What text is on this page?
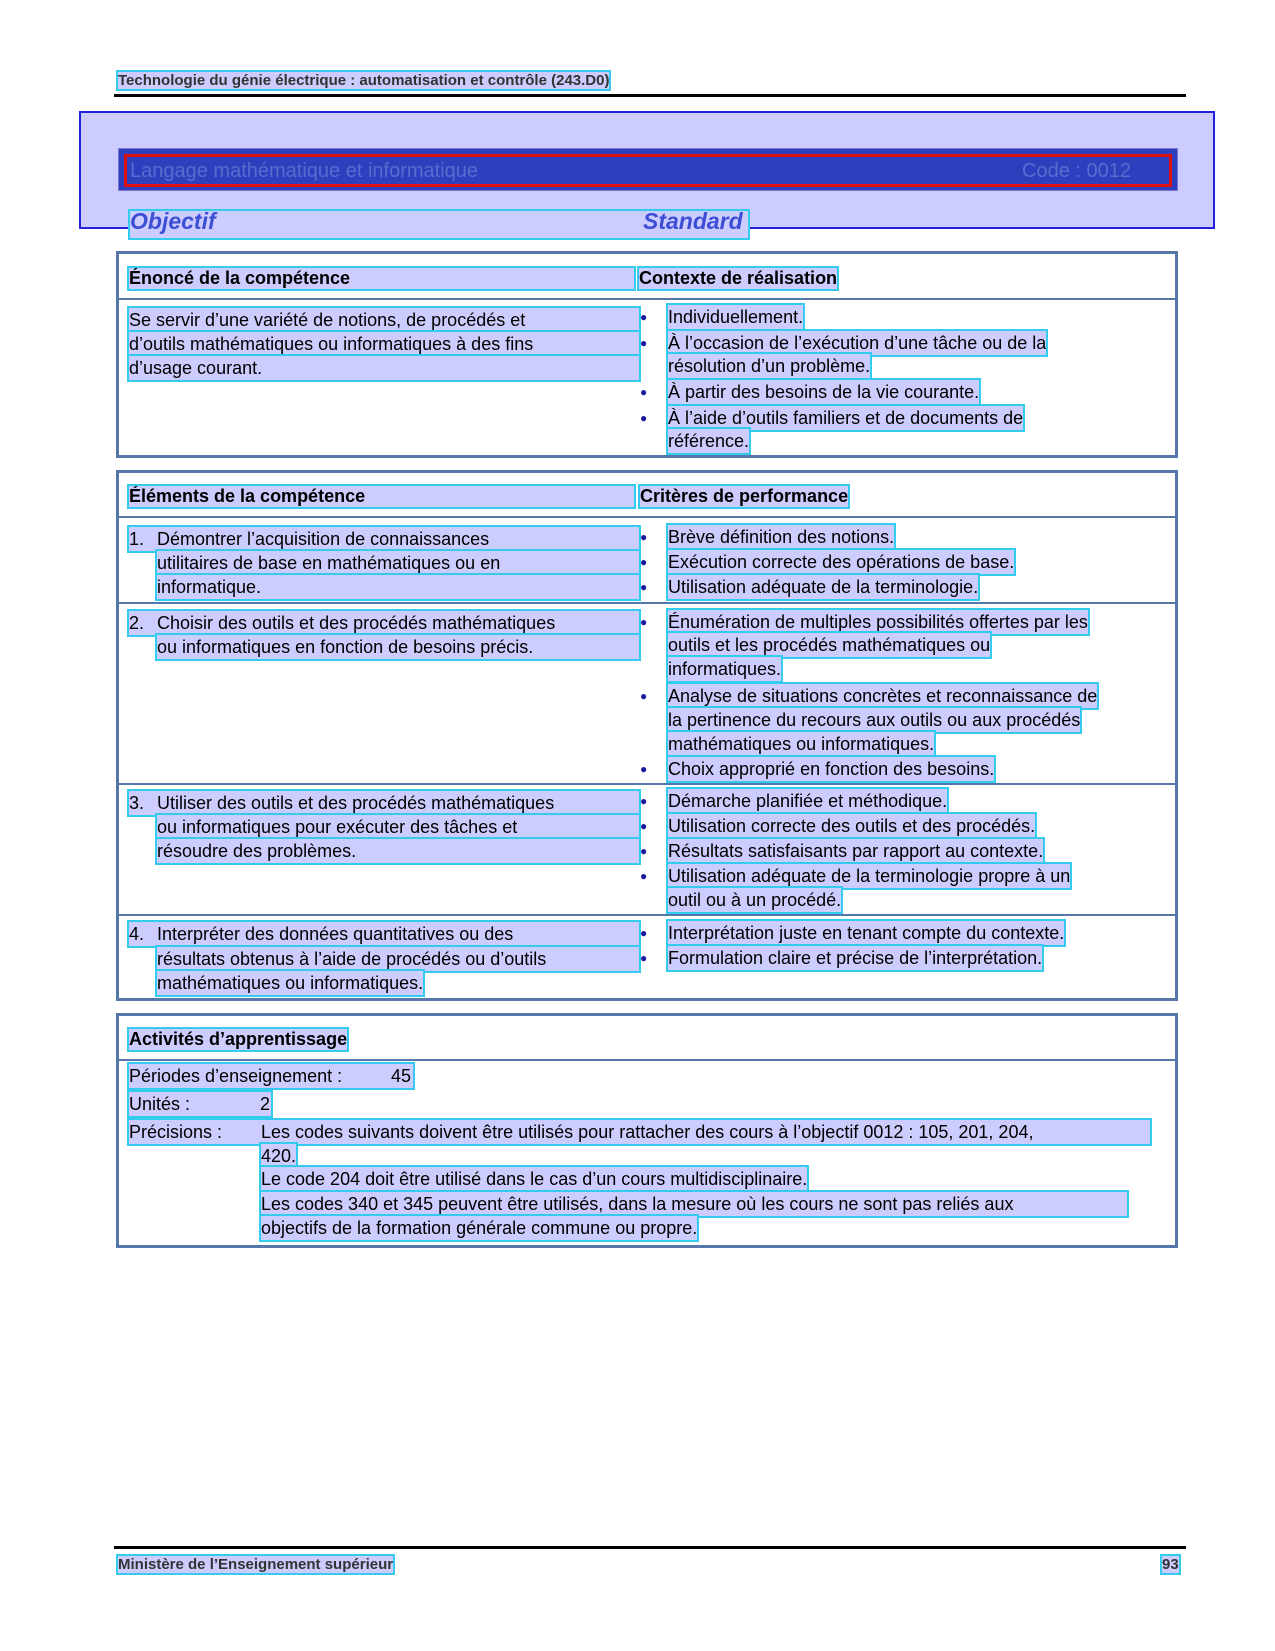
Technologie du génie électrique : automatisation et contrôle (243.D0)
Langage mathématique et informatique	Code : 0012
Objectif	Standard
Énoncé de la compétence	Contexte de réalisation
Se servir d’une variété de notions, de procédés et
d’outils mathématiques ou informatiques à des fins
d’usage courant.
● Individuellement.
● À l’occasion de l’exécution d’une tâche ou de la
résolution d’un problème.
● À partir des besoins de la vie courante.
● À l’aide d’outils familiers et de documents de
référence.
Éléments de la compétence	Critères de performance
1. Démontrer l’acquisition de connaissances
utilitaires de base en mathématiques ou en
informatique.
● Brève définition des notions.
● Exécution correcte des opérations de base.
● Utilisation adéquate de la terminologie.
2. Choisir des outils et des procédés mathématiques
ou informatiques en fonction de besoins précis.
● Énumération de multiples possibilités offertes par les
outils et les procédés mathématiques ou
informatiques.
● Analyse de situations concrètes et reconnaissance de
la pertinence du recours aux outils ou aux procédés
mathématiques ou informatiques.
● Choix approprié en fonction des besoins.
3. Utiliser des outils et des procédés mathématiques
ou informatiques pour exécuter des tâches et
résoudre des problèmes.
● Démarche planifiée et méthodique.
● Utilisation correcte des outils et des procédés.
● Résultats satisfaisants par rapport au contexte.
● Utilisation adéquate de la terminologie propre à un
outil ou à un procédé.
4. Interpréter des données quantitatives ou des
résultats obtenus à l’aide de procédés ou d’outils
mathématiques ou informatiques.
● Interprétation juste en tenant compte du contexte.
● Formulation claire et précise de l’interprétation.
Activités d’apprentissage
Périodes d’enseignement :	45
Unités :	2
Précisions : Les codes suivants doivent être utilisés pour rattacher des cours à l’objectif 0012 : 105, 201, 204,
420.
Le code 204 doit être utilisé dans le cas d’un cours multidisciplinaire.
Les codes 340 et 345 peuvent être utilisés, dans la mesure où les cours ne sont pas reliés aux
objectifs de la formation générale commune ou propre.
Ministère de l’Enseignement supérieur	93
